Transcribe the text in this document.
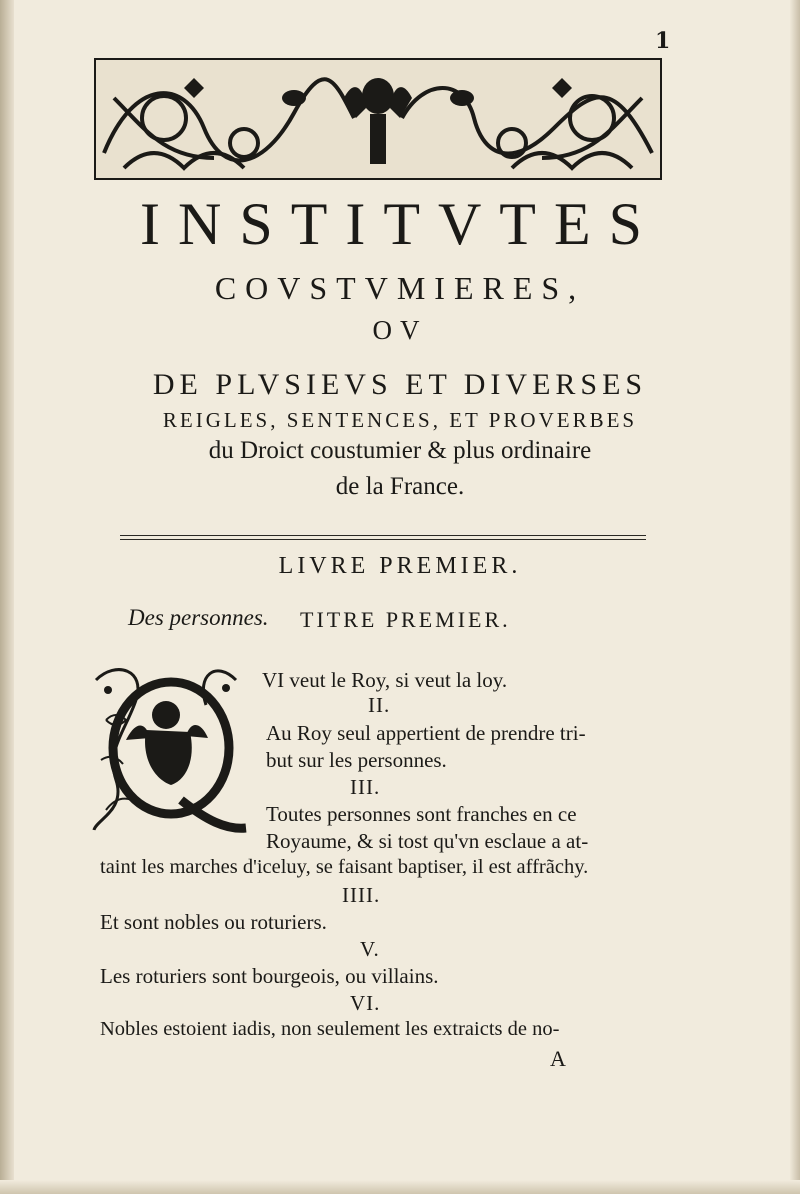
1
INSTITVTES
COVSTVMIERES,
OV
DE PLVSIEVS ET DIVERSES
REIGLES, SENTENCES, ET PROVERBES
du Droict coustumier & plus ordinaire
de la France.
LIVRE PREMIER.
Des personnes. TITRE PREMIER.
VI veut le Roy, si veut la loy.
II.
Au Roy seul appertient de prendre tri-
but sur les personnes.
III.
Toutes personnes sont franches en ce
Royaume, & si tost qu'vn esclaue a at-
taint les marches d'iceluy, se faisant baptiser, il est affrãchy.
IIII.
Et sont nobles ou roturiers.
V.
Les roturiers sont bourgeois, ou villains.
VI.
Nobles estoient iadis, non seulement les extraicts de no-
A
